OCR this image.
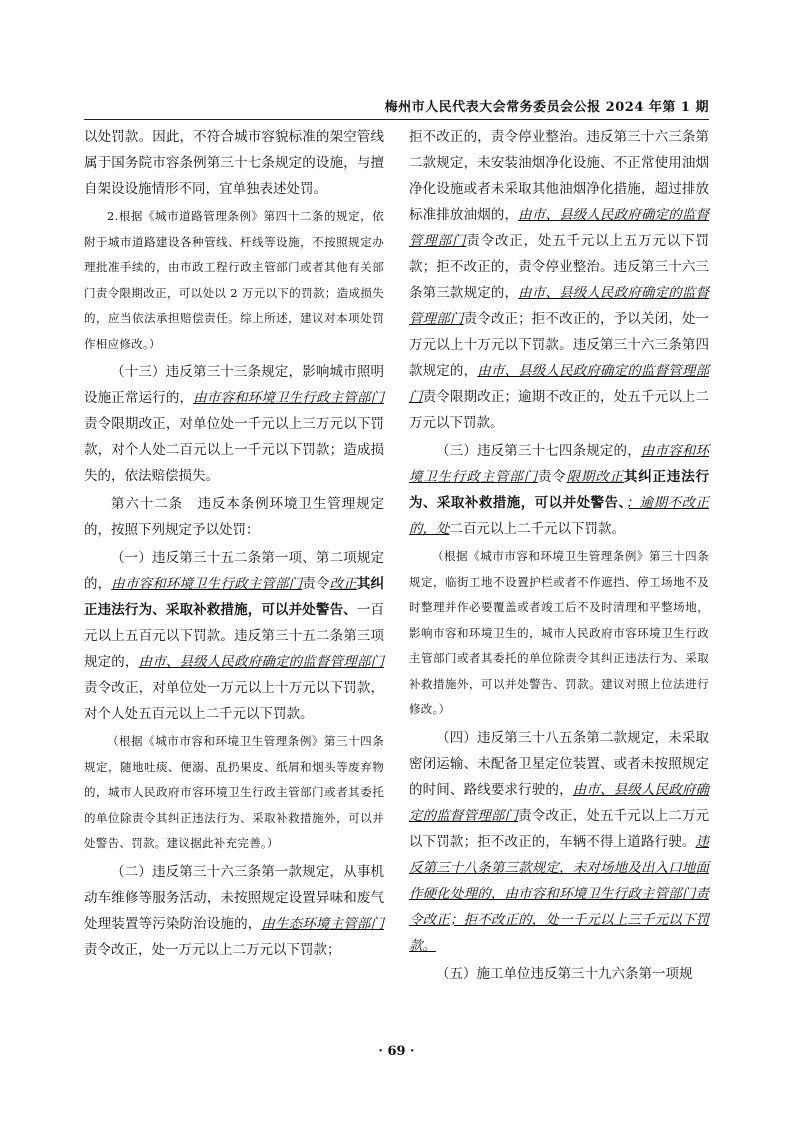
梅州市人民代表大会常务委员会公报 2024 年第 1 期

以处罚款。因此，不符合城市容貌标准的架空管线属于国务院市容条例第三十七条规定的设施，与擅自架设设施情形不同，宜单独表述处罚。

2.根据《城市道路管理条例》第四十二条的规定，依附于城市道路建设各种管线、杆线等设施，不按照规定办理批准手续的，由市政工程行政主管部门或者其他有关部门责令限期改正，可以处以 2 万元以下的罚款；造成损失的，应当依法承担赔偿责任。综上所述，建议对本项处罚作相应修改。）

（十三）违反第三十三条规定，影响城市照明设施正常运行的，由市容和环境卫生行政主管部门责令限期改正，对单位处一千元以上三万元以下罚款，对个人处二百元以上一千元以下罚款；造成损失的，依法赔偿损失。

第六十二条　违反本条例环境卫生管理规定的，按照下列规定予以处罚：

（一）违反第三十五二条第一项、第二项规定的，由市容和环境卫生行政主管部门责令改正其纠正违法行为、采取补救措施，可以并处警告、一百元以上五百元以下罚款。违反第三十五二条第三项规定的，由市、县级人民政府确定的监督管理部门责令改正，对单位处一万元以上十万元以下罚款，对个人处五百元以上二千元以下罚款。

（根据《城市市容和环境卫生管理条例》第三十四条规定，随地吐痰、便溺、乱扔果皮、纸屑和烟头等废弃物的，城市人民政府市容环境卫生行政主管部门或者其委托的单位除责令其纠正违法行为、采取补救措施外，可以并处警告、罚款。建议据此补充完善。）

（二）违反第三十六三条第一款规定，从事机动车维修等服务活动，未按照规定设置异味和废气处理装置等污染防治设施的，由生态环境主管部门责令改正，处一万元以上二万元以下罚款；

拒不改正的，责令停业整治。违反第三十六三条第二款规定，未安装油烟净化设施、不正常使用油烟净化设施或者未采取其他油烟净化措施，超过排放标准排放油烟的，由市、县级人民政府确定的监督管理部门责令改正，处五千元以上五万元以下罚款；拒不改正的，责令停业整治。违反第三十六三条第三款规定的，由市、县级人民政府确定的监督管理部门责令改正；拒不改正的，予以关闭，处一万元以上十万元以下罚款。违反第三十六三条第四款规定的，由市、县级人民政府确定的监督管理部门责令限期改正；逾期不改正的，处五千元以上二万元以下罚款。

（三）违反第三十七四条规定的，由市容和环境卫生行政主管部门责令限期改正其纠正违法行为、采取补救措施，可以并处警告、；逾期不改正的，处二百元以上二千元以下罚款。

（根据《城市市容和环境卫生管理条例》第三十四条规定，临街工地不设置护栏或者不作遮挡、停工场地不及时整理并作必要覆盖或者竣工后不及时清理和平整场地，影响市容和环境卫生的，城市人民政府市容环境卫生行政主管部门或者其委托的单位除责令其纠正违法行为、采取补救措施外，可以并处警告、罚款。建议对照上位法进行修改。）

（四）违反第三十八五条第二款规定，未采取密闭运输、未配备卫星定位装置、或者未按照规定的时间、路线要求行驶的，由市、县级人民政府确定的监督管理部门责令改正，处五千元以上二万元以下罚款；拒不改正的，车辆不得上道路行驶。违反第三十八条第三款规定，未对场地及出入口地面作硬化处理的，由市容和环境卫生行政主管部门责令改正；拒不改正的，处一千元以上三千元以下罚款。

（五）施工单位违反第三十九六条第一项规

· 69 ·
